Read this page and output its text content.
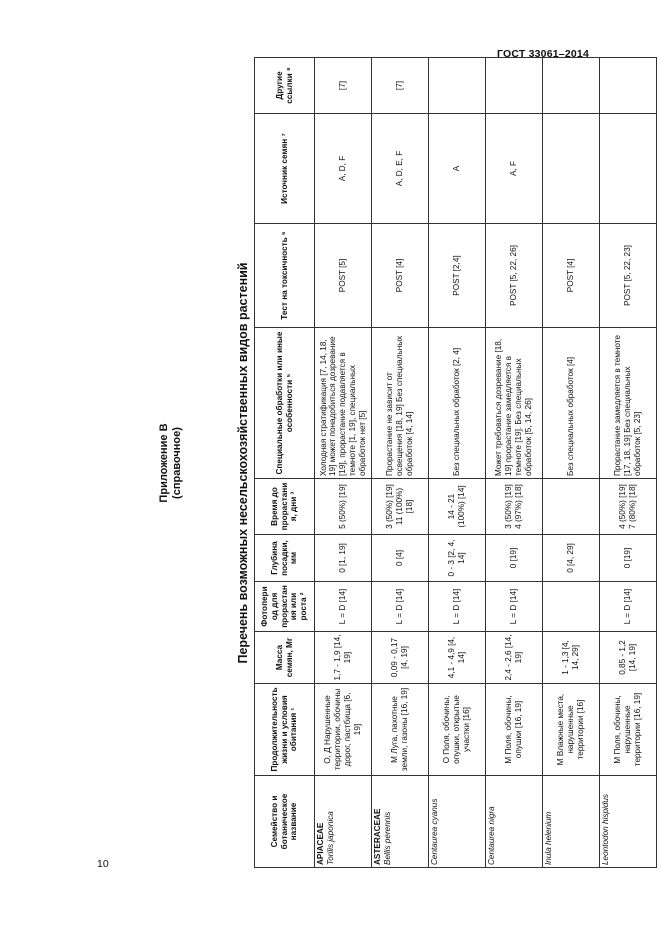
ГОСТ 33061–2014
10
Приложение В (справочное)	Перечень возможных несельскохозяйственных видов растений
Семейство и ботаническое название	Продолжительность жизни и условия обитания ¹	Масса семян, Мг	Фотопериод для прорастания или роста ²	Глубина посадки, мм	Время до прорастания, дни ³	Специальные обработки или иные особенности ⁵	Тест на токсичность ⁶	Источник семян ⁷	Другие ссылки ⁸

APIACEAE Torilis japonica	О, Д Нарушенные территории, обочины дорог, пастбища [6, 19]	1,7 - 1,9 [14, 19]	L = D [14]	0 [1, 19]	5 (50%) [19]	Холодная стратификация [7, 14, 18, 19] может понадобиться дозревание [19], прорастание подавляется в темноте [1, 19], специальных обработок нет [5]	POST [5]	A, D, F	[7]

ASTERACEAE Bellis perennis	М Луга, пахотные земли, газоны [16, 19]	0,09 - 0,17 [4, 19]	L = D [14]	0 [4]	3 (50%) [19] 11 (100%) [18]	Прорастание не зависит от освещения [18, 19] Без специальных обработок [4, 14]	POST [4]	A, D, E, F	[7]

Centaurea cyanus	О Поля, обочины, опушки, открытые участки [16]	4,1 - 4,9 [4, 14]	L = D [14]	0 - 3 [2, 4, 14]	14 - 21 (100%) [14]	Без специальных обработок [2, 4]	POST [2,4]	A	

Centaurea nigra	М Поля, обочины, опушки [16, 19]	2,4 - 2,6 [14, 19]	L = D [14]	0 [19]	3 (50%) [19] 4 (97%) [18]	Может требоваться дозревание [18, 19] прорастание замедляется в темноте [19]. Без специальных обработок [5, 14, 26]	POST [5, 22, 26]	A, F	

Inula helenium	М Влажные места, нарушенные территории [16]	1 - 1,3 [4, 14, 29]		0 [4, 29]		Без специальных обработок [4]	POST [4]		

Leontodon hispidus	М Поля, обочины, нарушенные территории [16, 19]	0,85 - 1,2 [14, 19]	L = D [14]	0 [19]	4 (50%) [19] 7 (80%) [18]	Прорастание замедляется в темноте [17, 18, 19] Без специальных обработок [5, 23]	POST [5, 22, 23]		
